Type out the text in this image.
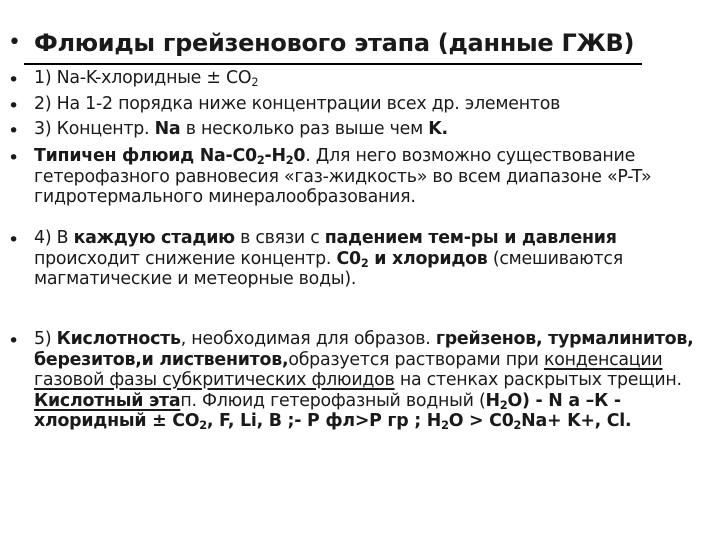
• Флюиды грейзенового этапа (данные ГЖВ)
• 1) Na-K-хлоридные ± $CO_2$
• 2) На 1-2 порядка ниже концентрации всех др. элементов
• 3) Концентр. Na в несколько раз выше чем K.
• Типичен флюид $Na-C0_2-H_20$. Для него возможно существование гетерофазного равновесия «газ-жидкость» во всем диапазоне «P-T» гидротермального минералообразования.
• 4) В каждую стадию в связи с падением тем-ры и давления происходит снижение концентр. $C0_2$ и хлоридов (смешиваются магматические и метеорные воды).
• 5) Кислотность, необходимая для образов. грейзенов, турмалинитов, березитов,и лиственитов,образуется растворами при конденсации газовой фазы субкритических флюидов на стенках раскрытых трещин. Кислотный этап. Флюид гетерофазный водный $(H_2O)$ - N а –К - хлоридный ± $CO_2$, F, Li, B ;- P фл>P гр ; $H_2O > C0_2Na+ K+$, Cl.
